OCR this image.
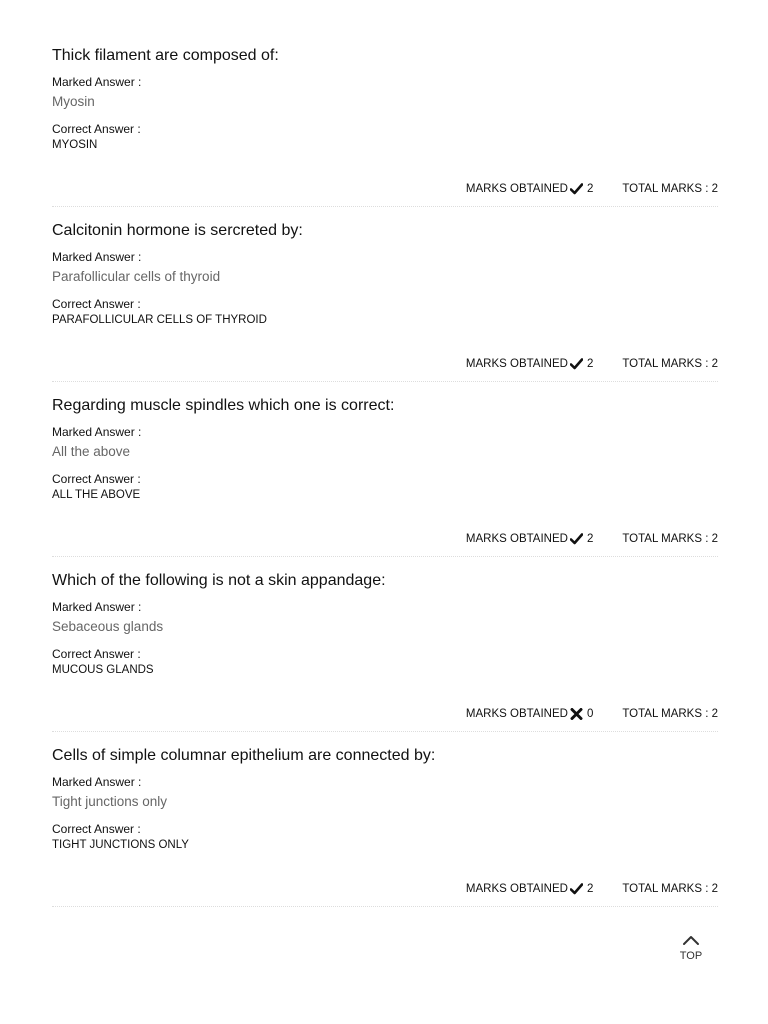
Thick filament are composed of:
Marked Answer :
Myosin
Correct Answer :
MYOSIN
MARKS OBTAINED 2	TOTAL MARKS : 2
Calcitonin hormone is sercreted by:
Marked Answer :
Parafollicular cells of thyroid
Correct Answer :
PARAFOLLICULAR CELLS OF THYROID
MARKS OBTAINED 2	TOTAL MARKS : 2
Regarding muscle spindles which one is correct:
Marked Answer :
All the above
Correct Answer :
ALL THE ABOVE
MARKS OBTAINED 2	TOTAL MARKS : 2
Which of the following is not a skin appandage:
Marked Answer :
Sebaceous glands
Correct Answer :
MUCOUS GLANDS
MARKS OBTAINED 0	TOTAL MARKS : 2
Cells of simple columnar epithelium are connected by:
Marked Answer :
Tight junctions only
Correct Answer :
TIGHT JUNCTIONS ONLY
MARKS OBTAINED 2	TOTAL MARKS : 2
TOP
